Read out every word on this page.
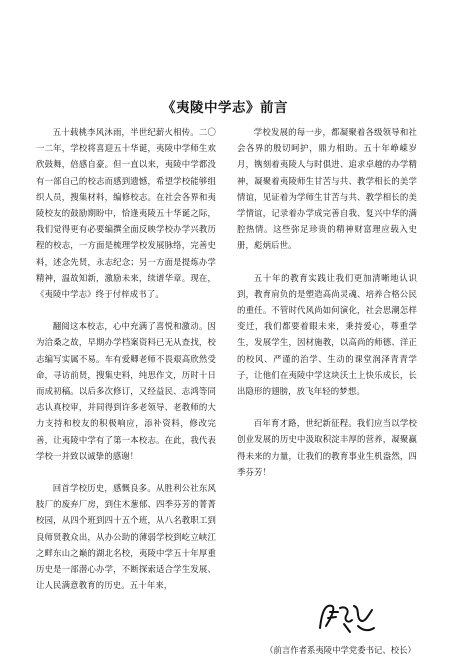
《夷陵中学志》前言

五十载桃李风沐雨，半世纪薪火相传。二〇一二年，学校将喜迎五十华诞，夷陵中学师生欢欣鼓舞，倍感自豪。但一直以来，夷陵中学都没有一部自己的校志而感到遗憾，希望学校能够组织人员，搜集材料，编修校志。在社会各界和夷陵校友的鼓励期盼中，恰逢夷陵五十华诞之际，我们觉得更有必要编撰全面反映学校办学兴教历程的校志，一方面是梳理学校发展脉络，完善史料，述念先贤，永志纪念；另一方面是提炼办学精神，温故知新，激励未来，续谱华章。现在，《夷陵中学志》终于付梓成书了。

翻阅这本校志，心中充满了喜悦和激动。因为洽桑之故，早期办学档案资料已无从查找，校志编写实属不易。车有爱卿老师不畏艰高欣然受命，寻访前贤，搜集史料，纯思作文，历时十日而成初稿。以后多次修订，又经益民、志鸿等同志认真校审，并同得到许多老领导、老教师的大力支持和校友的积极响应，添补资料，修改完善，让夷陵中学有了第一本校志。在此，我代表学校一并致以诚挚的感谢！

回首学校历史，感慨良多。从胜利公社东风肢厂的废弃厂房，到住木葱郁、四季芬芳的菁菁校园，从四个班到四十五个班，从八名教职工到良师贤教众出，从办公助的薄弱学校到屹立峡江之畔东山之巅的湖北名校，夷陵中学五十年厚重历史是一部潜心办学，不断探索适合学生发展、让人民满意教育的历史。五十年来，

学校发展的每一步，都凝聚着各级领导和社会各界的殷切呵护，鼎力相助。五十年峥嵘岁月，镌刻着夷陵人与时俱进、追求卓越的办学精神，凝聚着夷陵师生甘苦与共、教学相长的美学情谊，见证着为学师生甘苦与共、教学相长的美学情谊，记录着办学成完善自我、复兴中华的满腔热情。这些弥足珍贵的精神财富理应载入史册，彪炳后世。

五十年的教育实践让我们更加清晰地认识到，教育肩负的是塑造高尚灵魂、培养合格公民的重任。不管时代风尚如何演化，社会思潮怎样变迁，我们都要着眼未来，秉持爱心，尊重学生，发展学生，因材施教，以高尚的师德、洋正的校风、严谨的治学、生动的课堂润泽青青学子，让他们在夷陵中学这块沃土上快乐成长，长出隐形的翅膀，放飞年轻的梦想。

百年育才路，世纪新征程。我们应当以学校创业发展的历史中汲取积淀丰厚的营养，凝聚赢得未来的力量，让我们的教育事业生机盎然，四季芬芳！

（前言作者系夷陵中学党委书记、校长）
